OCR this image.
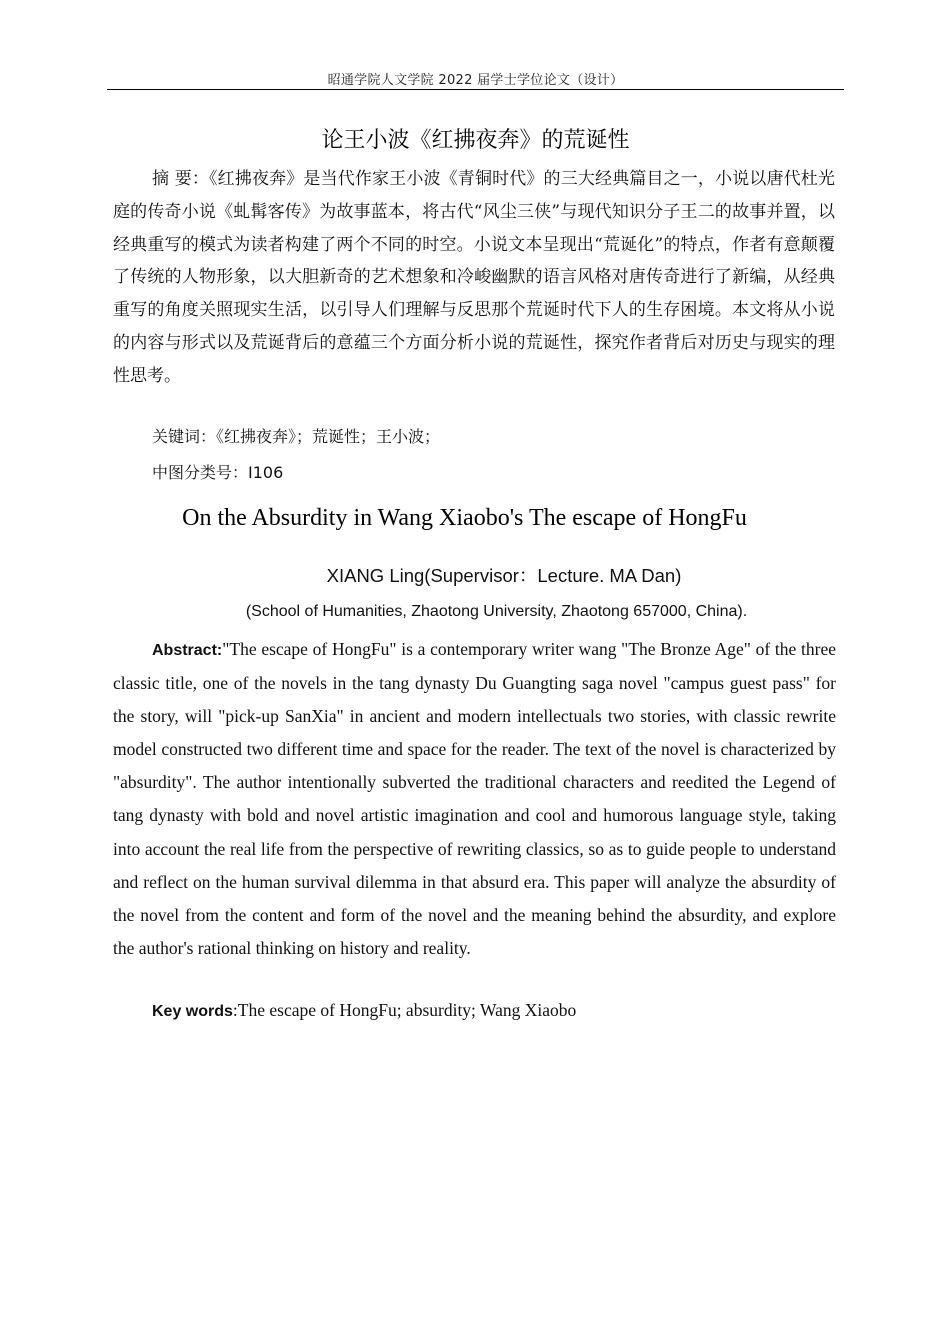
昭通学院人文学院 2022 届学士学位论文（设计）
论王小波《红拂夜奔》的荒诞性

摘 要：《红拂夜奔》是当代作家王小波《青铜时代》的三大经典篇目之一，小说以唐代杜光庭的传奇小说《虬髯客传》为故事蓝本，将古代“风尘三侠”与现代知识分子王二的故事并置，以经典重写的模式为读者构建了两个不同的时空。小说文本呈现出“荒诞化”的特点，作者有意颠覆了传统的人物形象，以大胆新奇的艺术想象和冷峻幽默的语言风格对唐传奇进行了新编，从经典重写的角度关照现实生活，以引导人们理解与反思那个荒诞时代下人的生存困境。本文将从小说的内容与形式以及荒诞背后的意蕴三个方面分析小说的荒诞性，探究作者背后对历史与现实的理性思考。

关键词：《红拂夜奔》；荒诞性；王小波；
中图分类号：I106
On the Absurdity in Wang Xiaobo's The escape of HongFu
XIANG Ling(Supervisor：Lecture. MA Dan)
(School of Humanities, Zhaotong University, Zhaotong 657000, China).

Abstract:"The escape of HongFu" is a contemporary writer wang "The Bronze Age" of the three classic title, one of the novels in the tang dynasty Du Guangting saga novel "campus guest pass" for the story, will "pick-up SanXia" in ancient and modern intellectuals two stories, with classic rewrite model constructed two different time and space for the reader. The text of the novel is characterized by "absurdity". The author intentionally subverted the traditional characters and reedited the Legend of tang dynasty with bold and novel artistic imagination and cool and humorous language style, taking into account the real life from the perspective of rewriting classics, so as to guide people to understand and reflect on the human survival dilemma in that absurd era. This paper will analyze the absurdity of the novel from the content and form of the novel and the meaning behind the absurdity, and explore the author's rational thinking on history and reality.

Key words:The escape of HongFu; absurdity; Wang Xiaobo
